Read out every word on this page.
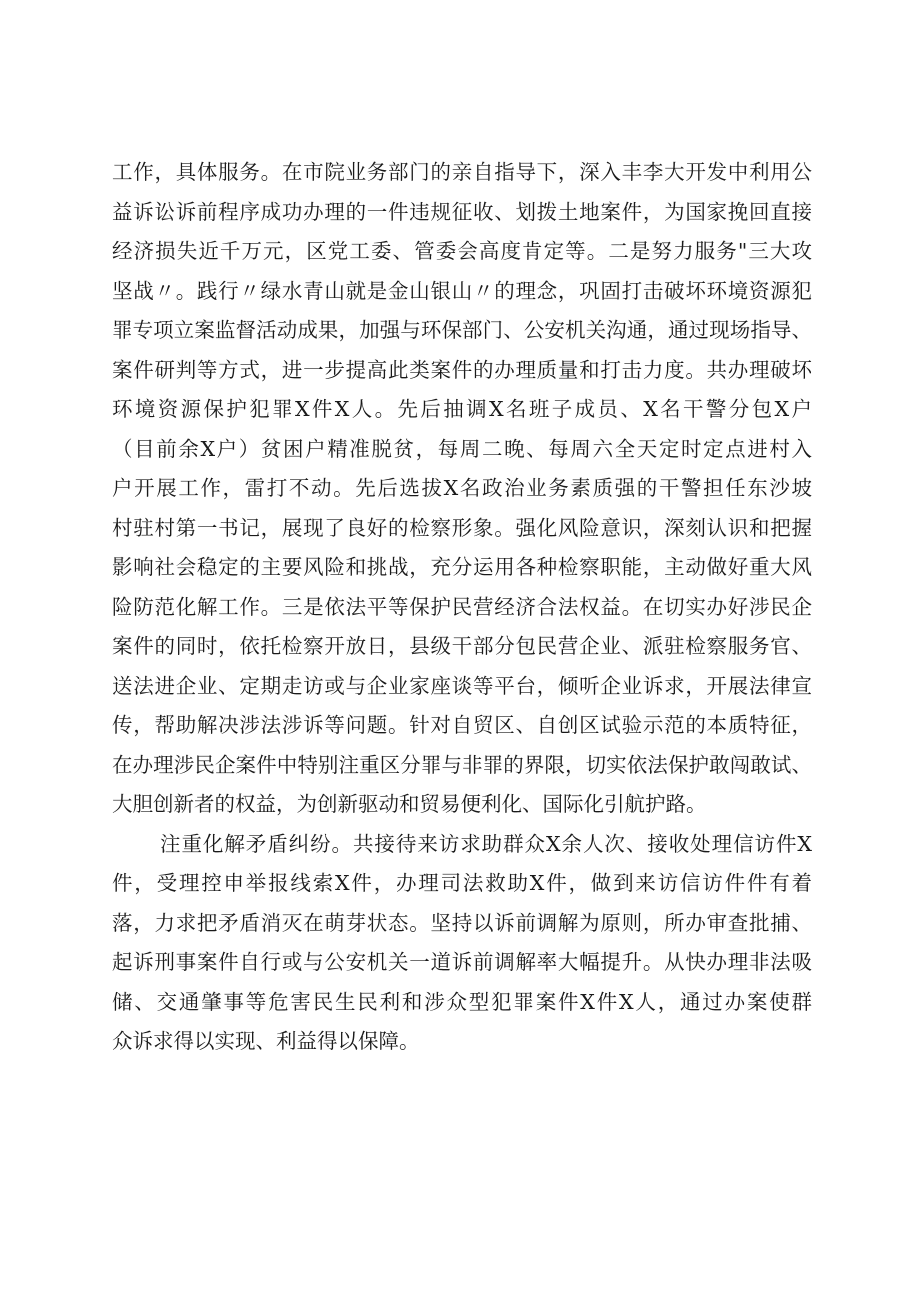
工作，具体服务。在市院业务部门的亲自指导下，深入丰李大开发中利用公
益诉讼诉前程序成功办理的一件违规征收、划拨土地案件，为国家挽回直接
经济损失近千万元，区党工委、管委会高度肯定等。二是努力服务"三大攻
坚战〃。践行〃绿水青山就是金山银山〃的理念，巩固打击破坏环境资源犯
罪专项立案监督活动成果，加强与环保部门、公安机关沟通，通过现场指导、
案件研判等方式，进一步提高此类案件的办理质量和打击力度。共办理破坏
环境资源保护犯罪X件X人。先后抽调X名班子成员、X名干警分包X户
（目前余X户）贫困户精准脱贫，每周二晚、每周六全天定时定点进村入
户开展工作，雷打不动。先后选拔X名政治业务素质强的干警担任东沙坡
村驻村第一书记，展现了良好的检察形象。强化风险意识，深刻认识和把握
影响社会稳定的主要风险和挑战，充分运用各种检察职能，主动做好重大风
险防范化解工作。三是依法平等保护民营经济合法权益。在切实办好涉民企
案件的同时，依托检察开放日，县级干部分包民营企业、派驻检察服务官、
送法进企业、定期走访或与企业家座谈等平台，倾听企业诉求，开展法律宣
传，帮助解决涉法涉诉等问题。针对自贸区、自创区试验示范的本质特征，
在办理涉民企案件中特别注重区分罪与非罪的界限，切实依法保护敢闯敢试、
大胆创新者的权益，为创新驱动和贸易便利化、国际化引航护路。
注重化解矛盾纠纷。共接待来访求助群众X余人次、接收处理信访件X
件，受理控申举报线索X件，办理司法救助X件，做到来访信访件件有着
落，力求把矛盾消灭在萌芽状态。坚持以诉前调解为原则，所办审查批捕、
起诉刑事案件自行或与公安机关一道诉前调解率大幅提升。从快办理非法吸
储、交通肇事等危害民生民利和涉众型犯罪案件X件X人，通过办案使群
众诉求得以实现、利益得以保障。
